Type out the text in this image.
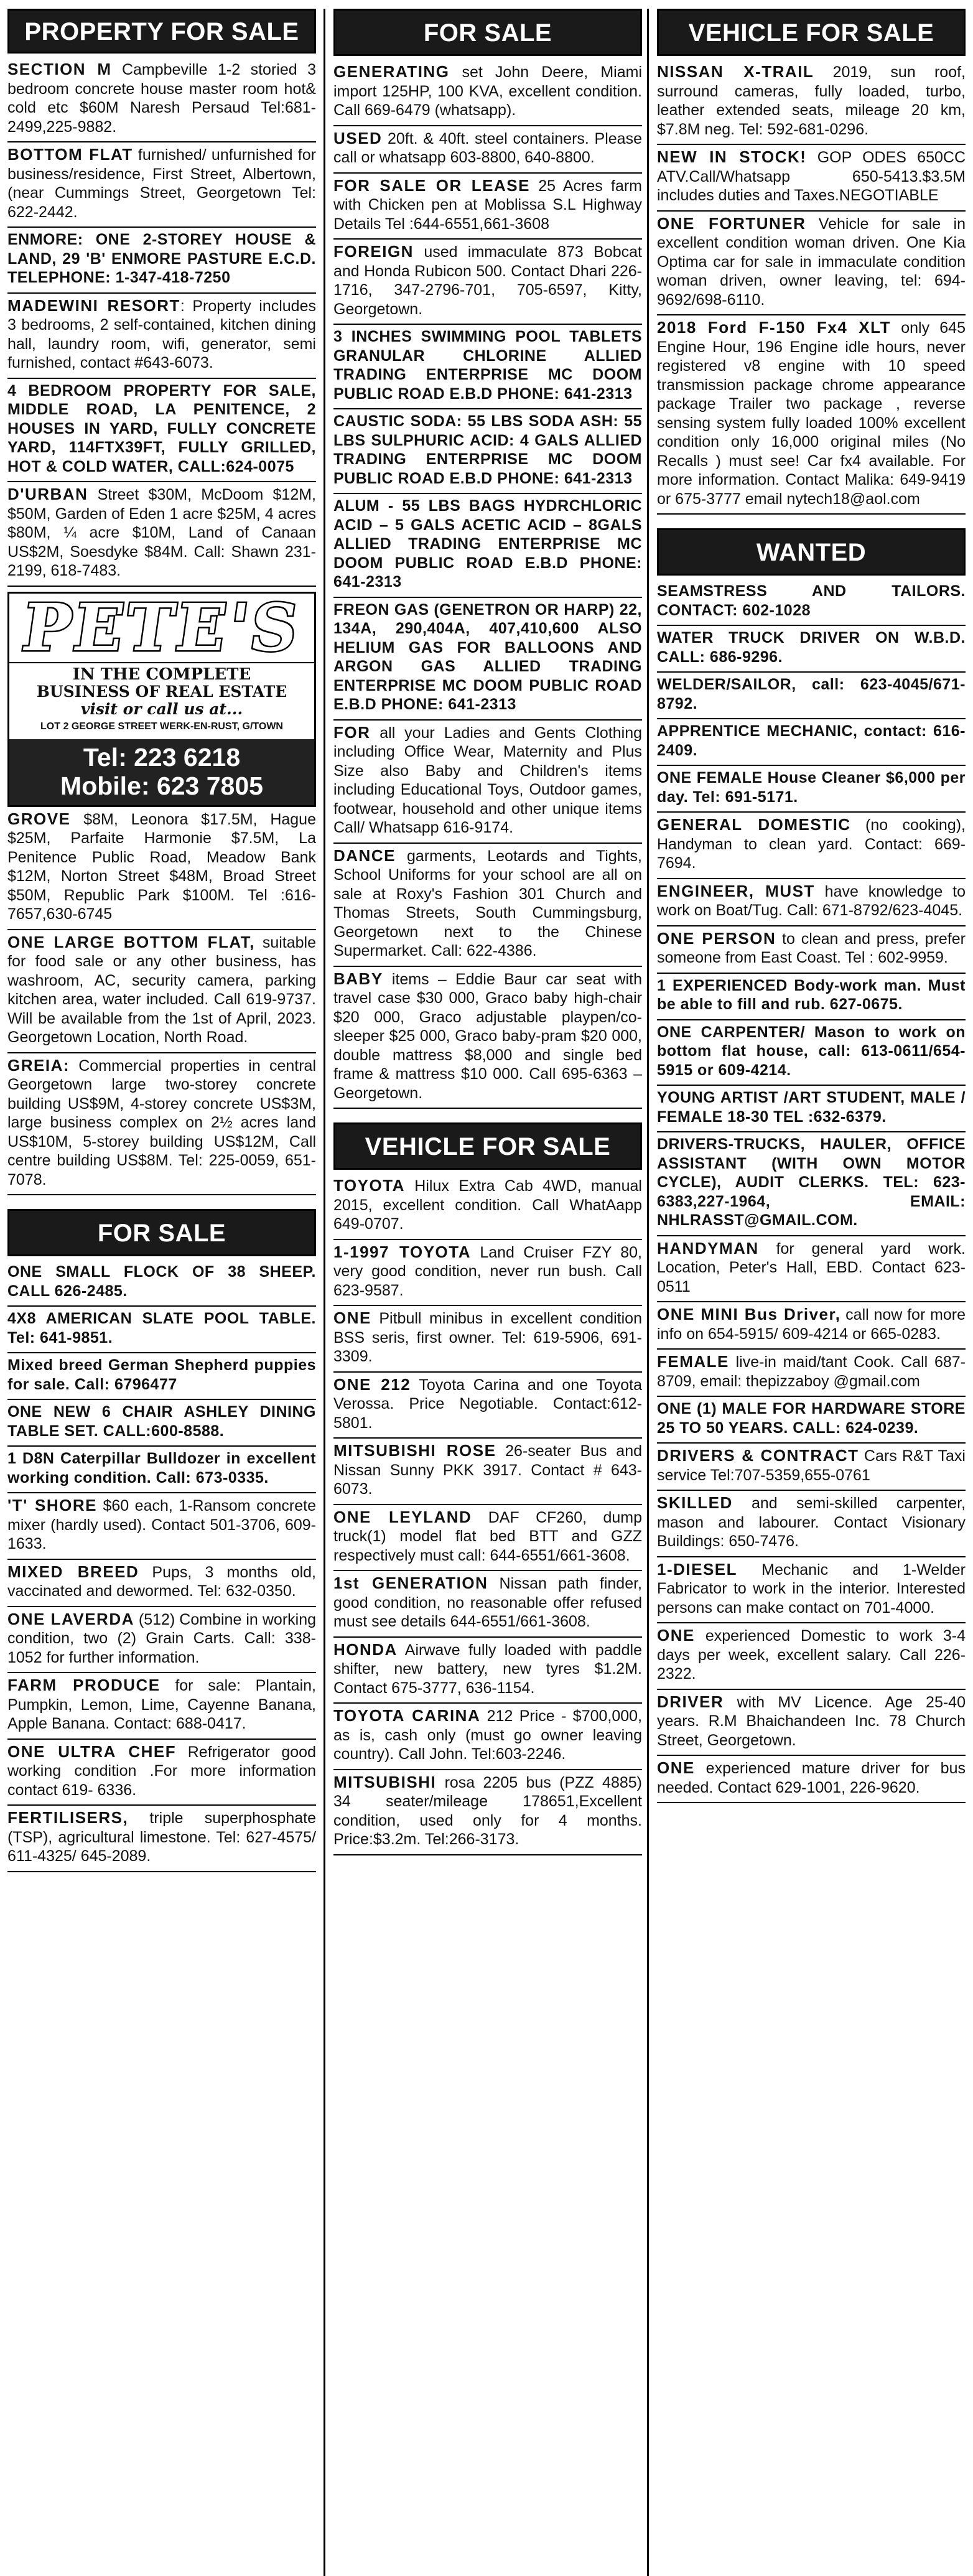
PROPERTY FOR SALE
SECTION M Campbeville 1-2 storied 3 bedroom concrete house master room hot& cold etc $60M Naresh Persaud Tel:681-2499,225-9882.
BOTTOM FLAT furnished/ unfurnished for business/residence, First Street, Albertown, (near Cummings Street, Georgetown Tel: 622-2442.
ENMORE: ONE 2-STOREY HOUSE & LAND, 29 'B' ENMORE PASTURE E.C.D. TELEPHONE: 1-347-418-7250
MADEWINI RESORT: Property includes 3 bedrooms, 2 self-contained, kitchen dining hall, laundry room, wifi, generator, semi furnished, contact #643-6073.
4 BEDROOM PROPERTY FOR SALE, MIDDLE ROAD, LA PENITENCE, 2 HOUSES IN YARD, FULLY CONCRETE YARD, 114FTX39FT, FULLY GRILLED, HOT & COLD WATER, CALL:624-0075
D'URBAN Street $30M, McDoom $12M, $50M, Garden of Eden 1 acre $25M, 4 acres $80M, ¼ acre $10M, Land of Canaan US$2M, Soesdyke $84M. Call: Shawn 231-2199, 618-7483.
PETE'S
IN THE COMPLETE
BUSINESS OF REAL ESTATE
visit or call us at...
LOT 2 GEORGE STREET WERK-EN-RUST, G/TOWN
Tel: 223 6218
Mobile: 623 7805
GROVE $8M, Leonora $17.5M, Hague $25M, Parfaite Harmonie $7.5M, La Penitence Public Road, Meadow Bank $12M, Norton Street $48M, Broad Street $50M, Republic Park $100M. Tel :616-7657,630-6745
ONE LARGE BOTTOM FLAT, suitable for food sale or any other business, has washroom, AC, security camera, parking kitchen area, water included. Call 619-9737. Will be available from the 1st of April, 2023. Georgetown Location, North Road.
GREIA: Commercial properties in central Georgetown large two-storey concrete building US$9M, 4-storey concrete US$3M, large business complex on 2½ acres land US$10M, 5-storey building US$12M, Call centre building US$8M. Tel: 225-0059, 651-7078.
FOR SALE
ONE SMALL FLOCK OF 38 SHEEP. CALL 626-2485.
4X8 AMERICAN SLATE POOL TABLE. Tel: 641-9851.
Mixed breed German Shepherd puppies for sale. Call: 6796477
ONE NEW 6 CHAIR ASHLEY DINING TABLE SET. CALL:600-8588.
1 D8N Caterpillar Bulldozer in excellent working condition. Call: 673-0335.
'T' SHORE $60 each, 1-Ransom concrete mixer (hardly used). Contact 501-3706, 609-1633.
MIXED BREED Pups, 3 months old, vaccinated and dewormed. Tel: 632-0350.
ONE LAVERDA (512) Combine in working condition, two (2) Grain Carts. Call: 338-1052 for further information.
FARM PRODUCE for sale: Plantain, Pumpkin, Lemon, Lime, Cayenne Banana, Apple Banana. Contact: 688-0417.
ONE ULTRA CHEF Refrigerator good working condition .For more information contact 619- 6336.
FERTILISERS, triple superphosphate (TSP), agricultural limestone. Tel: 627-4575/ 611-4325/ 645-2089.
FOR SALE
GENERATING set John Deere, Miami import 125HP, 100 KVA, excellent condition. Call 669-6479 (whatsapp).
USED 20ft. & 40ft. steel containers. Please call or whatsapp 603-8800, 640-8800.
FOR SALE OR LEASE 25 Acres farm with Chicken pen at Moblissa S.L Highway Details Tel :644-6551,661-3608
FOREIGN used immaculate 873 Bobcat and Honda Rubicon 500. Contact Dhari 226-1716, 347-2796-701, 705-6597, Kitty, Georgetown.
3 INCHES SWIMMING POOL TABLETS GRANULAR CHLORINE ALLIED TRADING ENTERPRISE MC DOOM PUBLIC ROAD E.B.D PHONE: 641-2313
CAUSTIC SODA: 55 LBS SODA ASH: 55 LBS SULPHURIC ACID: 4 GALS ALLIED TRADING ENTERPRISE MC DOOM PUBLIC ROAD E.B.D PHONE: 641-2313
ALUM - 55 LBS BAGS HYDRCHLORIC ACID – 5 GALS ACETIC ACID – 8GALS ALLIED TRADING ENTERPRISE MC DOOM PUBLIC ROAD E.B.D PHONE: 641-2313
FREON GAS (GENETRON OR HARP) 22, 134A, 290,404A, 407,410,600 ALSO HELIUM GAS FOR BALLOONS AND ARGON GAS ALLIED TRADING ENTERPRISE MC DOOM PUBLIC ROAD E.B.D PHONE: 641-2313
FOR all your Ladies and Gents Clothing including Office Wear, Maternity and Plus Size also Baby and Children's items including Educational Toys, Outdoor games, footwear, household and other unique items Call/ Whatsapp 616-9174.
DANCE garments, Leotards and Tights, School Uniforms for your school are all on sale at Roxy's Fashion 301 Church and Thomas Streets, South Cummingsburg, Georgetown next to the Chinese Supermarket. Call: 622-4386.
BABY items – Eddie Baur car seat with travel case $30 000, Graco baby high-chair $20 000, Graco adjustable playpen/co-sleeper $25 000, Graco baby-pram $20 000, double mattress $8,000 and single bed frame & mattress $10 000. Call 695-6363 – Georgetown.
VEHICLE FOR SALE
TOYOTA Hilux Extra Cab 4WD, manual 2015, excellent condition. Call WhatAapp 649-0707.
1-1997 TOYOTA Land Cruiser FZY 80, very good condition, never run bush. Call 623-9587.
ONE Pitbull minibus in excellent condition BSS seris, first owner. Tel: 619-5906, 691-3309.
ONE 212 Toyota Carina and one Toyota Verossa. Price Negotiable. Contact:612-5801.
MITSUBISHI ROSE 26-seater Bus and Nissan Sunny PKK 3917. Contact # 643-6073.
ONE LEYLAND DAF CF260, dump truck(1) model flat bed BTT and GZZ respectively must call: 644-6551/661-3608.
1st GENERATION Nissan path finder, good condition, no reasonable offer refused must see details 644-6551/661-3608.
HONDA Airwave fully loaded with paddle shifter, new battery, new tyres $1.2M. Contact 675-3777, 636-1154.
TOYOTA CARINA 212 Price - $700,000, as is, cash only (must go owner leaving country). Call John. Tel:603-2246.
MITSUBISHI rosa 2205 bus (PZZ 4885) 34 seater/mileage 178651,Excellent condition, used only for 4 months. Price:$3.2m. Tel:266-3173.
VEHICLE FOR SALE
NISSAN X-TRAIL 2019, sun roof, surround cameras, fully loaded, turbo, leather extended seats, mileage 20 km, $7.8M neg. Tel: 592-681-0296.
NEW IN STOCK! GOP ODES 650CC ATV.Call/Whatsapp 650-5413.$3.5M includes duties and Taxes.NEGOTIABLE
ONE FORTUNER Vehicle for sale in excellent condition woman driven. One Kia Optima car for sale in immaculate condition woman driven, owner leaving, tel: 694-9692/698-6110.
2018 Ford F-150 Fx4 XLT only 645 Engine Hour, 196 Engine idle hours, never registered v8 engine with 10 speed transmission package chrome appearance package Trailer two package , reverse sensing system fully loaded 100% excellent condition only 16,000 original miles (No Recalls ) must see! Car fx4 available. For more information. Contact Malika: 649-9419 or 675-3777 email nytech18@aol.com
WANTED
SEAMSTRESS AND TAILORS. CONTACT: 602-1028
WATER TRUCK DRIVER ON W.B.D. CALL: 686-9296.
WELDER/SAILOR, call: 623-4045/671-8792.
APPRENTICE MECHANIC, contact: 616-2409.
ONE FEMALE House Cleaner $6,000 per day. Tel: 691-5171.
GENERAL DOMESTIC (no cooking), Handyman to clean yard. Contact: 669-7694.
ENGINEER, MUST have knowledge to work on Boat/Tug. Call: 671-8792/623-4045.
ONE PERSON to clean and press, prefer someone from East Coast. Tel : 602-9959.
1 EXPERIENCED Body-work man. Must be able to fill and rub. 627-0675.
ONE CARPENTER/ Mason to work on bottom flat house, call: 613-0611/654-5915 or 609-4214.
YOUNG ARTIST /ART STUDENT, MALE / FEMALE 18-30 TEL :632-6379.
DRIVERS-TRUCKS, HAULER, OFFICE ASSISTANT (WITH OWN MOTOR CYCLE), AUDIT CLERKS. TEL: 623-6383,227-1964, EMAIL: NHLRASST@GMAIL.COM.
HANDYMAN for general yard work. Location, Peter's Hall, EBD. Contact 623-0511
ONE MINI Bus Driver, call now for more info on 654-5915/ 609-4214 or 665-0283.
FEMALE live-in maid/tant Cook. Call 687-8709, email: thepizzaboy @gmail.com
ONE (1) MALE FOR HARDWARE STORE 25 TO 50 YEARS. CALL: 624-0239.
DRIVERS & CONTRACT Cars R&T Taxi service Tel:707-5359,655-0761
SKILLED and semi-skilled carpenter, mason and labourer. Contact Visionary Buildings: 650-7476.
1-DIESEL Mechanic and 1-Welder Fabricator to work in the interior. Interested persons can make contact on 701-4000.
ONE experienced Domestic to work 3-4 days per week, excellent salary. Call 226-2322.
DRIVER with MV Licence. Age 25-40 years. R.M Bhaichandeen Inc. 78 Church Street, Georgetown.
ONE experienced mature driver for bus needed. Contact 629-1001, 226-9620.
